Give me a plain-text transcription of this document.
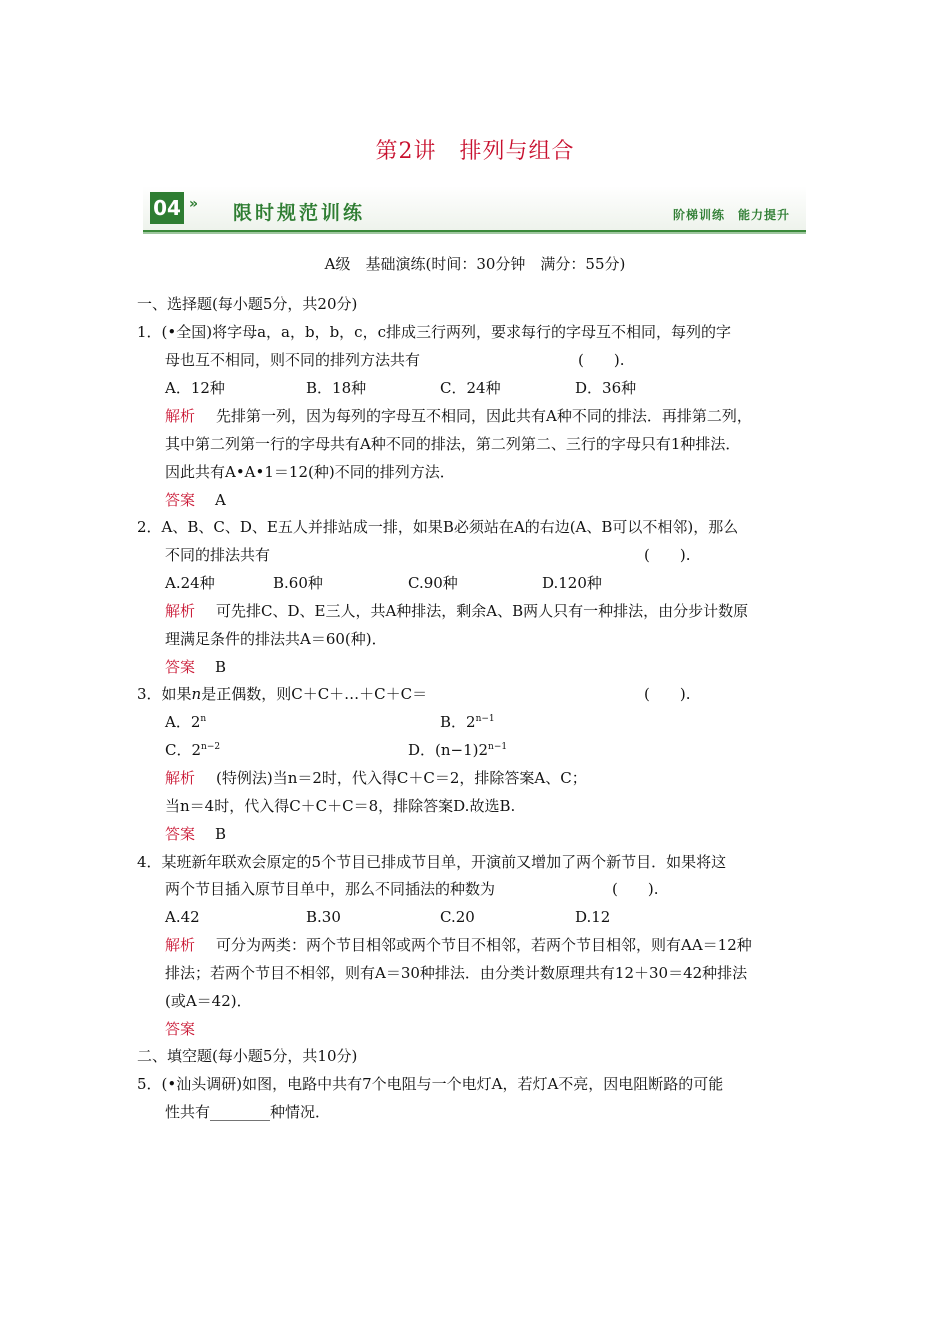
第2讲　排列与组合
04 » 限时规范训练	阶梯训练　能力提升
A级　基础演练(时间：30分钟　满分：55分)
一、选择题(每小题5分，共20分)
1．(•全国)将字母a，a，b，b，c，c排成三行两列，要求每行的字母互不相同，每列的字
母也互不相同，则不同的排列方法共有	(　　).
A．12种	B．18种	C．24种	D．36种
解析 先排第一列，因为每列的字母互不相同，因此共有A种不同的排法．再排第二列，
其中第二列第一行的字母共有A种不同的排法，第二列第二、三行的字母只有1种排法．
因此共有A•A•1＝12(种)不同的排列方法．
答案 A
2．A、B、C、D、E五人并排站成一排，如果B必须站在A的右边(A、B可以不相邻)，那么
不同的排法共有	(　　).
A.24种	B.60种	C.90种	D.120种
解析 可先排C、D、E三人，共A种排法，剩余A、B两人只有一种排法，由分步计数原
理满足条件的排法共A＝60(种)．
答案 B
3．如果n是正偶数，则C＋C＋…＋C＋C＝	(　　).
A．2$^n$	B．$2^{n-1}$
C．$2^{n-2}$	D．$(n-1)2^{n-1}$
解析 (特例法)当n＝2时，代入得C＋C＝2，排除答案A、C；
当n＝4时，代入得C＋C＋C＝8，排除答案D.故选B.
答案 B
4．某班新年联欢会原定的5个节目已排成节目单，开演前又增加了两个新节目．如果将这
两个节目插入原节目单中，那么不同插法的种数为	(　　).
A.42	B.30	C.20	D.12
解析 可分为两类：两个节目相邻或两个节目不相邻，若两个节目相邻，则有AA＝12种
排法；若两个节目不相邻，则有A＝30种排法．由分类计数原理共有12＋30＝42种排法
(或A＝42)．
答案
二、填空题(每小题5分，共10分)
5．(•汕头调研)如图，电路中共有7个电阻与一个电灯A，若灯A不亮，因电阻断路的可能
性共有________种情况．
